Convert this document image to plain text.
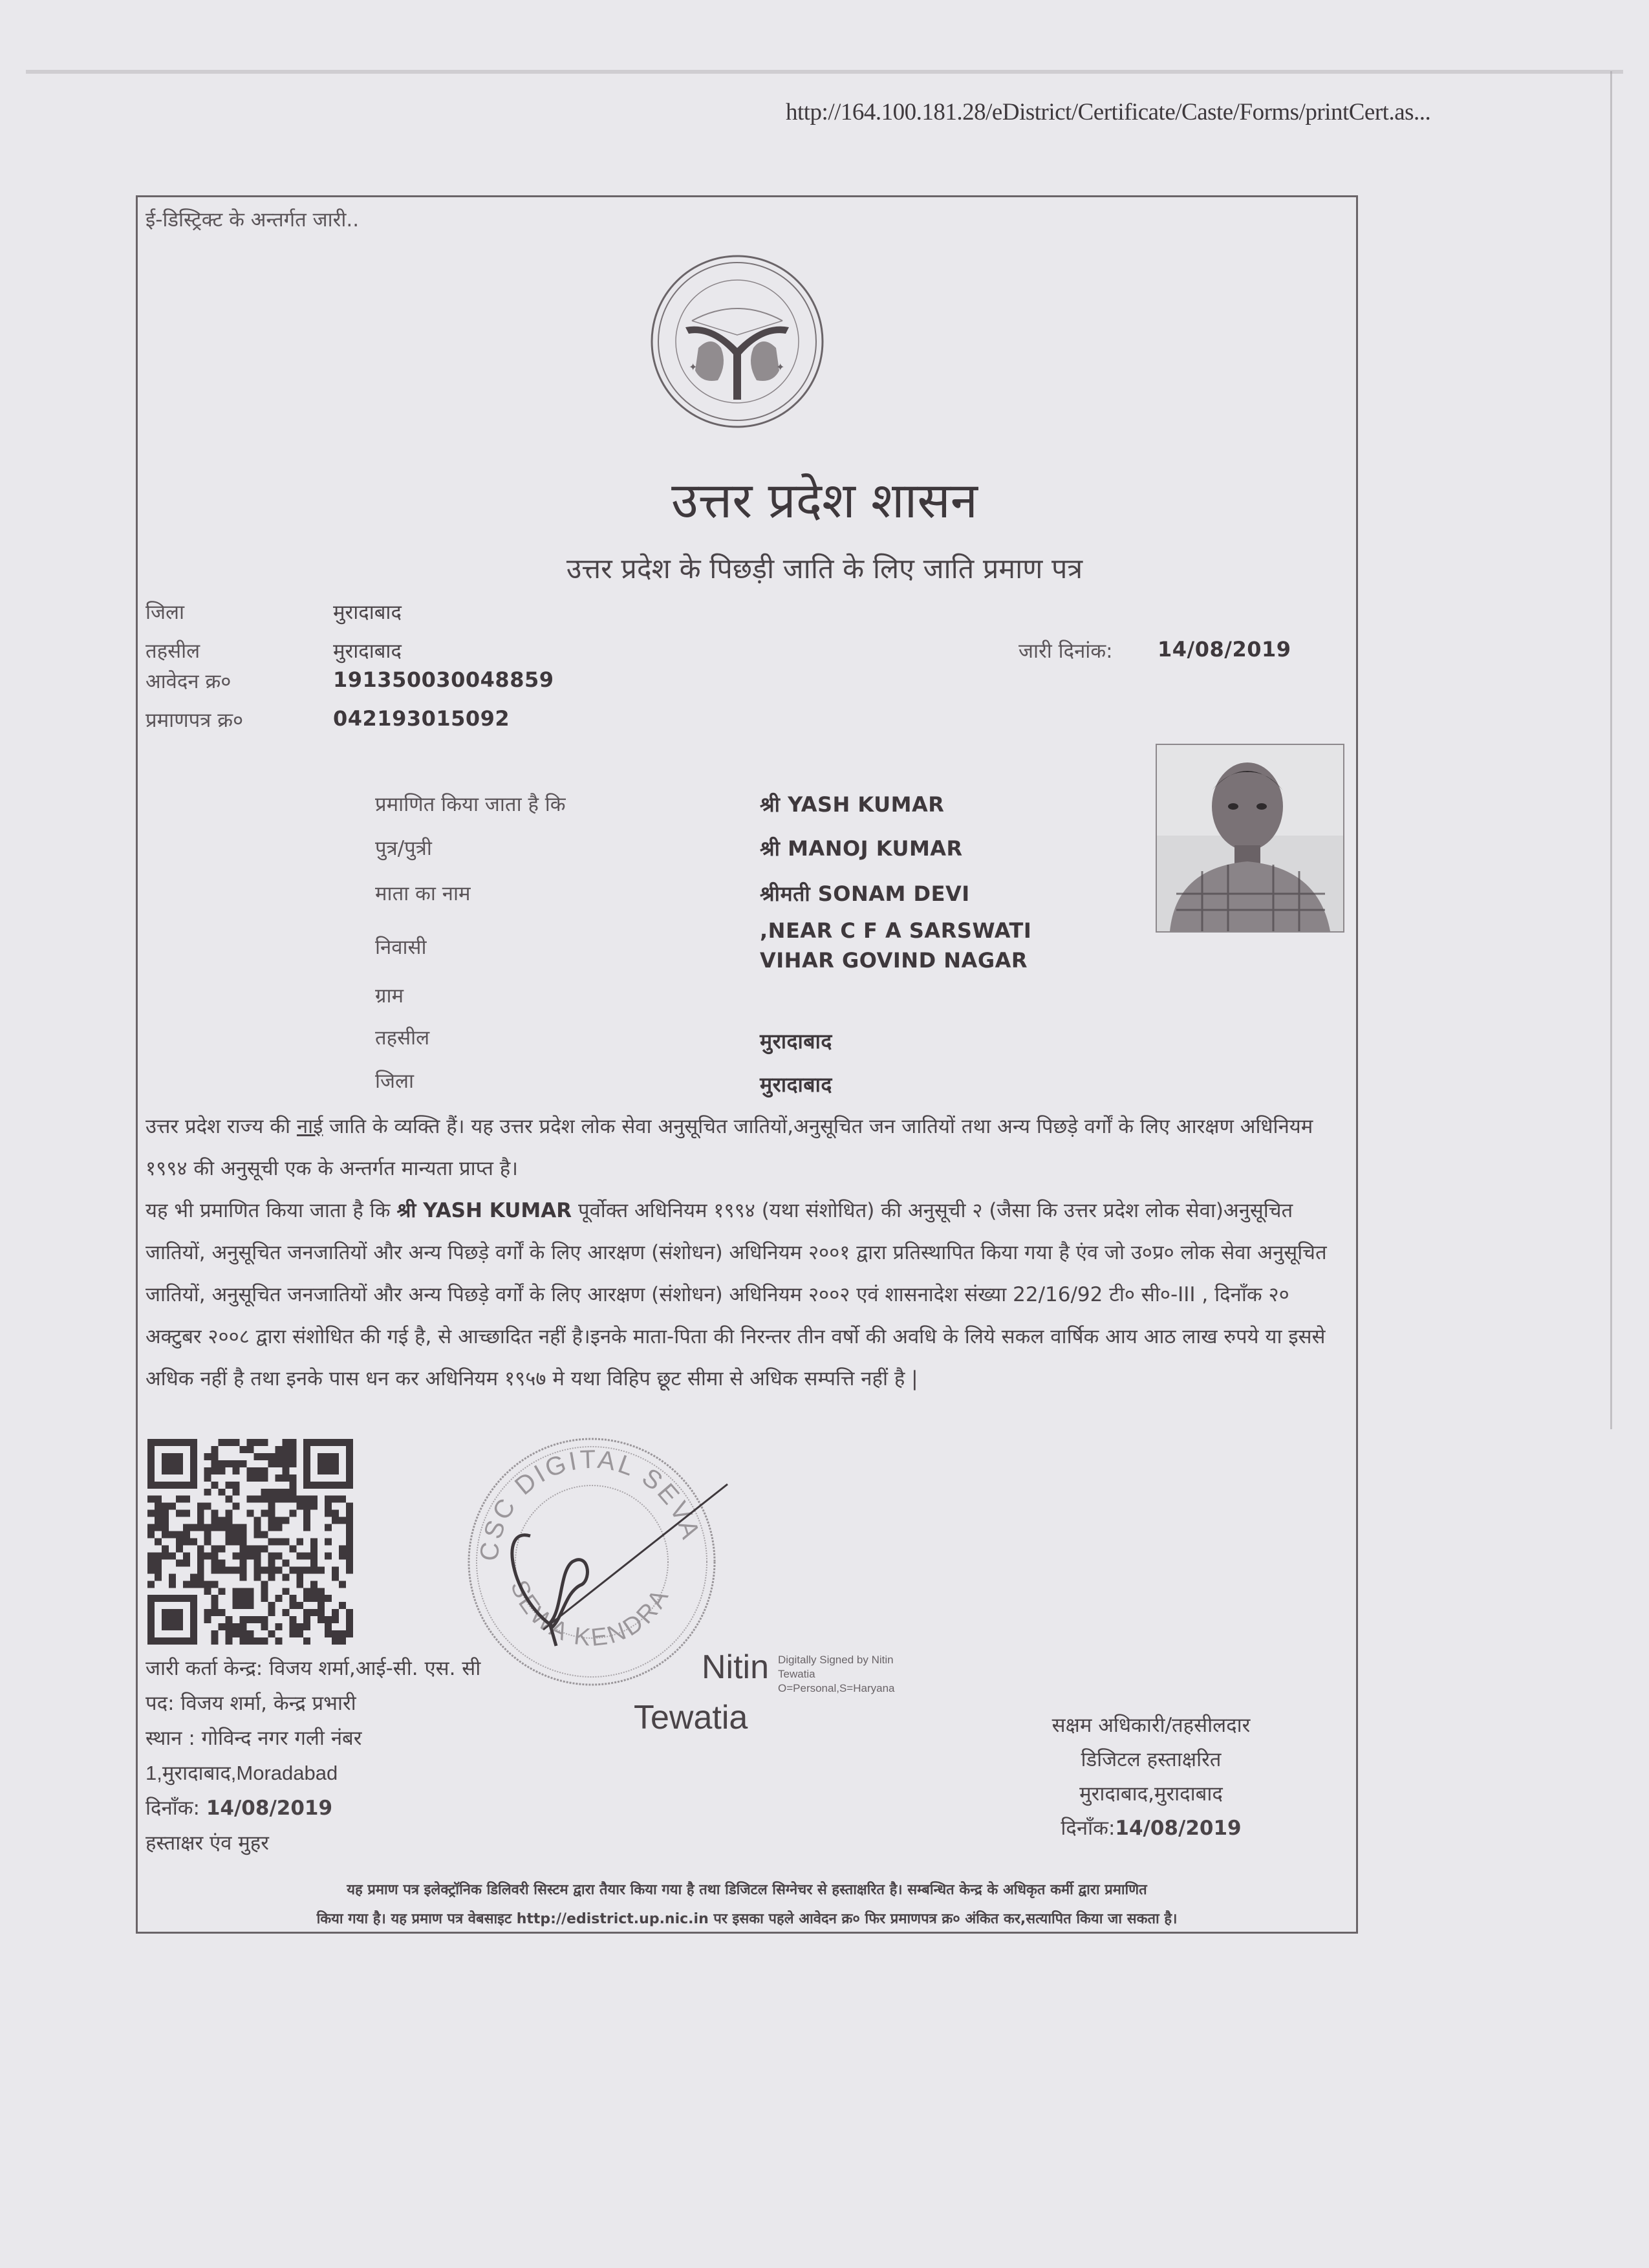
http://164.100.181.28/eDistrict/Certificate/Caste/Forms/printCert.as...
ई-डिस्ट्रिक्ट के अन्तर्गत जारी..
✦	✦
उत्तर प्रदेश शासन
उत्तर प्रदेश के पिछड़ी जाति के लिए जाति प्रमाण पत्र
जिला	मुरादाबाद
तहसील	मुरादाबाद
आवेदन क्र०	191350030048859
प्रमाणपत्र क्र०	042193015092
जारी दिनांक: 14/08/2019
प्रमाणित किया जाता है कि	श्री YASH KUMAR
पुत्र/पुत्री	श्री MANOJ KUMAR
माता का नाम	श्रीमती SONAM DEVI
निवासी
,NEAR C F A SARSWATI
VIHAR GOVIND NAGAR
ग्राम
तहसील	मुरादाबाद
जिला	मुरादाबाद
उत्तर प्रदेश राज्य की नाई जाति के व्यक्ति हैं। यह उत्तर प्रदेश लोक सेवा अनुसूचित जातियों,अनुसूचित जन जातियों तथा अन्य पिछड़े वर्गों के लिए आरक्षण अधिनियम १९९४ की अनुसूची एक के अन्तर्गत मान्यता प्राप्त है।
यह भी प्रमाणित किया जाता है कि श्री YASH KUMAR पूर्वोक्त अधिनियम १९९४ (यथा संशोधित) की अनुसूची २ (जैसा कि उत्तर प्रदेश लोक सेवा)अनुसूचित जातियों, अनुसूचित जनजातियों और अन्य पिछड़े वर्गों के लिए आरक्षण (संशोधन) अधिनियम २००१ द्वारा प्रतिस्थापित किया गया है एंव जो उ०प्र० लोक सेवा अनुसूचित जातियों, अनुसूचित जनजातियों और अन्य पिछड़े वर्गों के लिए आरक्षण (संशोधन) अधिनियम २००२ एवं शासनादेश संख्या 22/16/92 टी० सी०-III , दिनाँक २० अक्टुबर २००८ द्वारा संशोधित की गई है, से आच्छादित नहीं है।इनके माता-पिता की निरन्तर तीन वर्षो की अवधि के लिये सकल वार्षिक आय आठ लाख रुपये या इससे अधिक नहीं है तथा इनके पास धन कर अधिनियम १९५७ मे यथा विहिप छूट सीमा से अधिक सम्पत्ति नहीं है |
CSC DIGITAL SEVA
SEWA KENDRA
जारी कर्ता केन्द्र: विजय शर्मा,आई-सी. एस. सी
पद: विजय शर्मा, केन्द्र प्रभारी
स्थान : गोविन्द नगर गली नंबर
1,मुरादाबाद,Moradabad
दिनाँक: 14/08/2019
हस्ताक्षर एंव मुहर
Nitin
Tewatia
Digitally Signed by Nitin
Tewatia
O=Personal,S=Haryana
सक्षम अधिकारी/तहसीलदार
डिजिटल हस्ताक्षरित
मुरादाबाद,मुरादाबाद
दिनाँक:14/08/2019
यह प्रमाण पत्र इलेक्ट्रॉनिक डिलिवरी सिस्टम द्वारा तैयार किया गया है तथा डिजिटल सिग्नेचर से हस्ताक्षरित है। सम्बन्धित केन्द्र के अधिकृत कर्मी द्वारा प्रमाणित
किया गया है। यह प्रमाण पत्र वेबसाइट http://edistrict.up.nic.in पर इसका पहले आवेदन क्र० फिर प्रमाणपत्र क्र० अंकित कर,सत्यापित किया जा सकता है।
